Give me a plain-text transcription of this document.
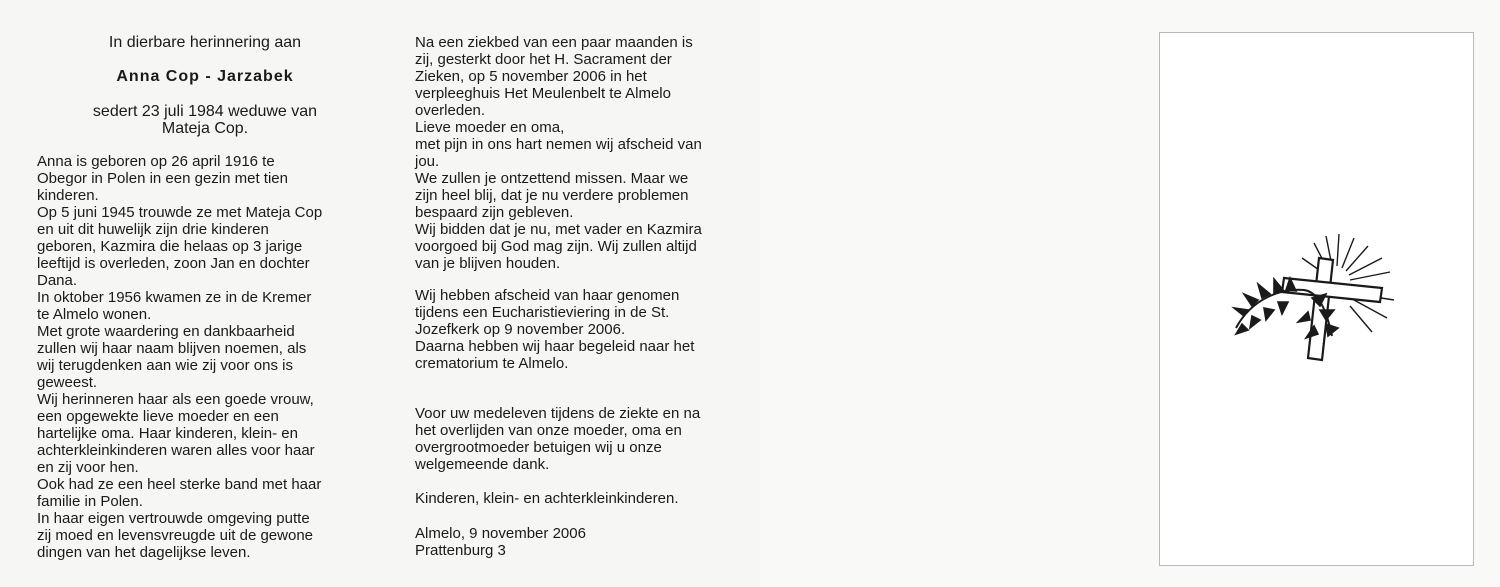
In dierbare herinnering aan
Anna Cop - Jarzabek
sedert 23 juli 1984 weduwe van
Mateja Cop.

Anna is geboren op 26 april 1916 te
Obegor in Polen in een gezin met tien
kinderen.
Op 5 juni 1945 trouwde ze met Mateja Cop
en uit dit huwelijk zijn drie kinderen
geboren, Kazmira die helaas op 3 jarige
leeftijd is overleden, zoon Jan en dochter
Dana.
In oktober 1956 kwamen ze in de Kremer
te Almelo wonen.
Met grote waardering en dankbaarheid
zullen wij haar naam blijven noemen, als
wij terugdenken aan wie zij voor ons is
geweest.
Wij herinneren haar als een goede vrouw,
een opgewekte lieve moeder en een
hartelijke oma. Haar kinderen, klein- en
achterkleinkinderen waren alles voor haar
en zij voor hen.
Ook had ze een heel sterke band met haar
familie in Polen.
In haar eigen vertrouwde omgeving putte
zij moed en levensvreugde uit de gewone
dingen van het dagelijkse leven.

Na een ziekbed van een paar maanden is
zij, gesterkt door het H. Sacrament der
Zieken, op 5 november 2006 in het
verpleeghuis Het Meulenbelt te Almelo
overleden.
Lieve moeder en oma,
met pijn in ons hart nemen wij afscheid van
jou.
We zullen je ontzettend missen. Maar we
zijn heel blij, dat je nu verdere problemen
bespaard zijn gebleven.
Wij bidden dat je nu, met vader en Kazmira
voorgoed bij God mag zijn. Wij zullen altijd
van je blijven houden.

Wij hebben afscheid van haar genomen
tijdens een Eucharistieviering in de St.
Jozefkerk op 9 november 2006.
Daarna hebben wij haar begeleid naar het
crematorium te Almelo.

Voor uw medeleven tijdens de ziekte en na
het overlijden van onze moeder, oma en
overgrootmoeder betuigen wij u onze
welgemeende dank.

Kinderen, klein- en achterkleinkinderen.

Almelo, 9 november 2006
Prattenburg 3
